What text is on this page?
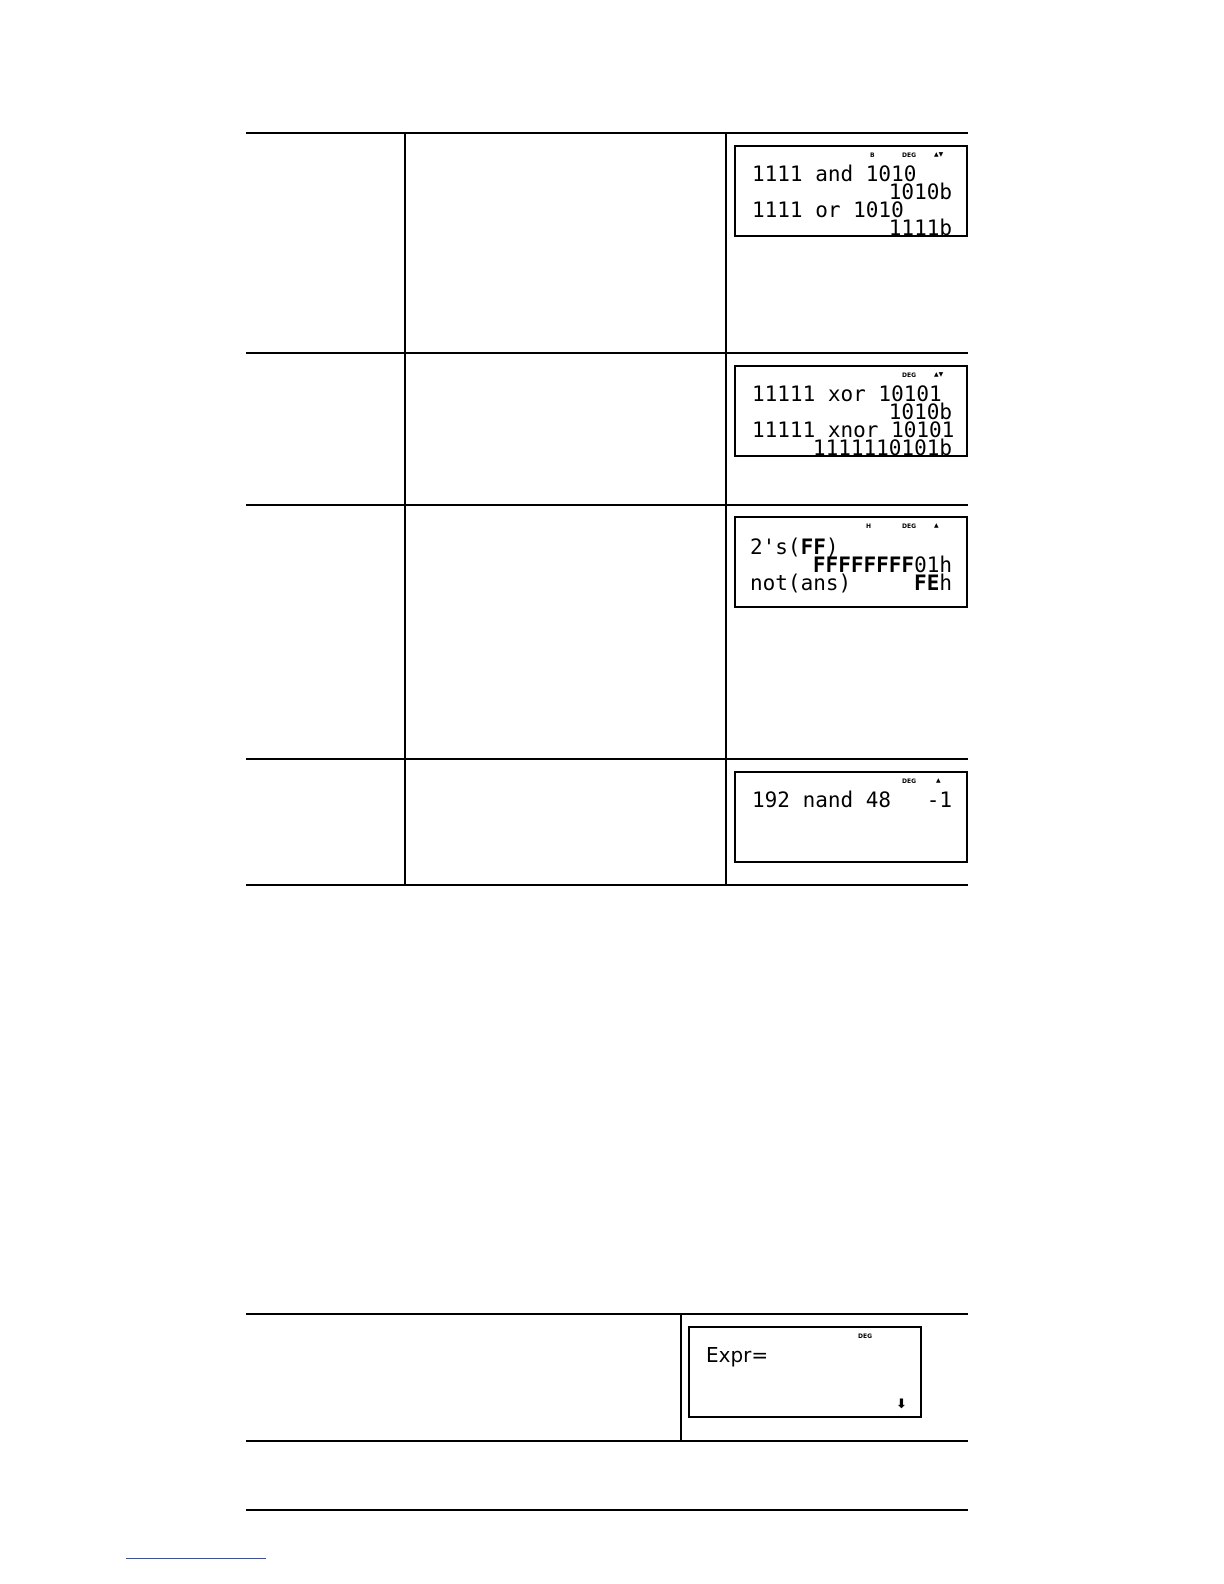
B	DEG	▲▼
1111 and 1010
1010b
1111 or 1010
1111b
DEG	▲▼
11111 xor 10101
1010b
11111 xnor 10101
1111110101b
H	DEG	▲
2's(FF)
FFFFFFFF01h
not(ans)	FEh
DEG	▲
192 nand 48 -1
DEG
Expr=
⬇
